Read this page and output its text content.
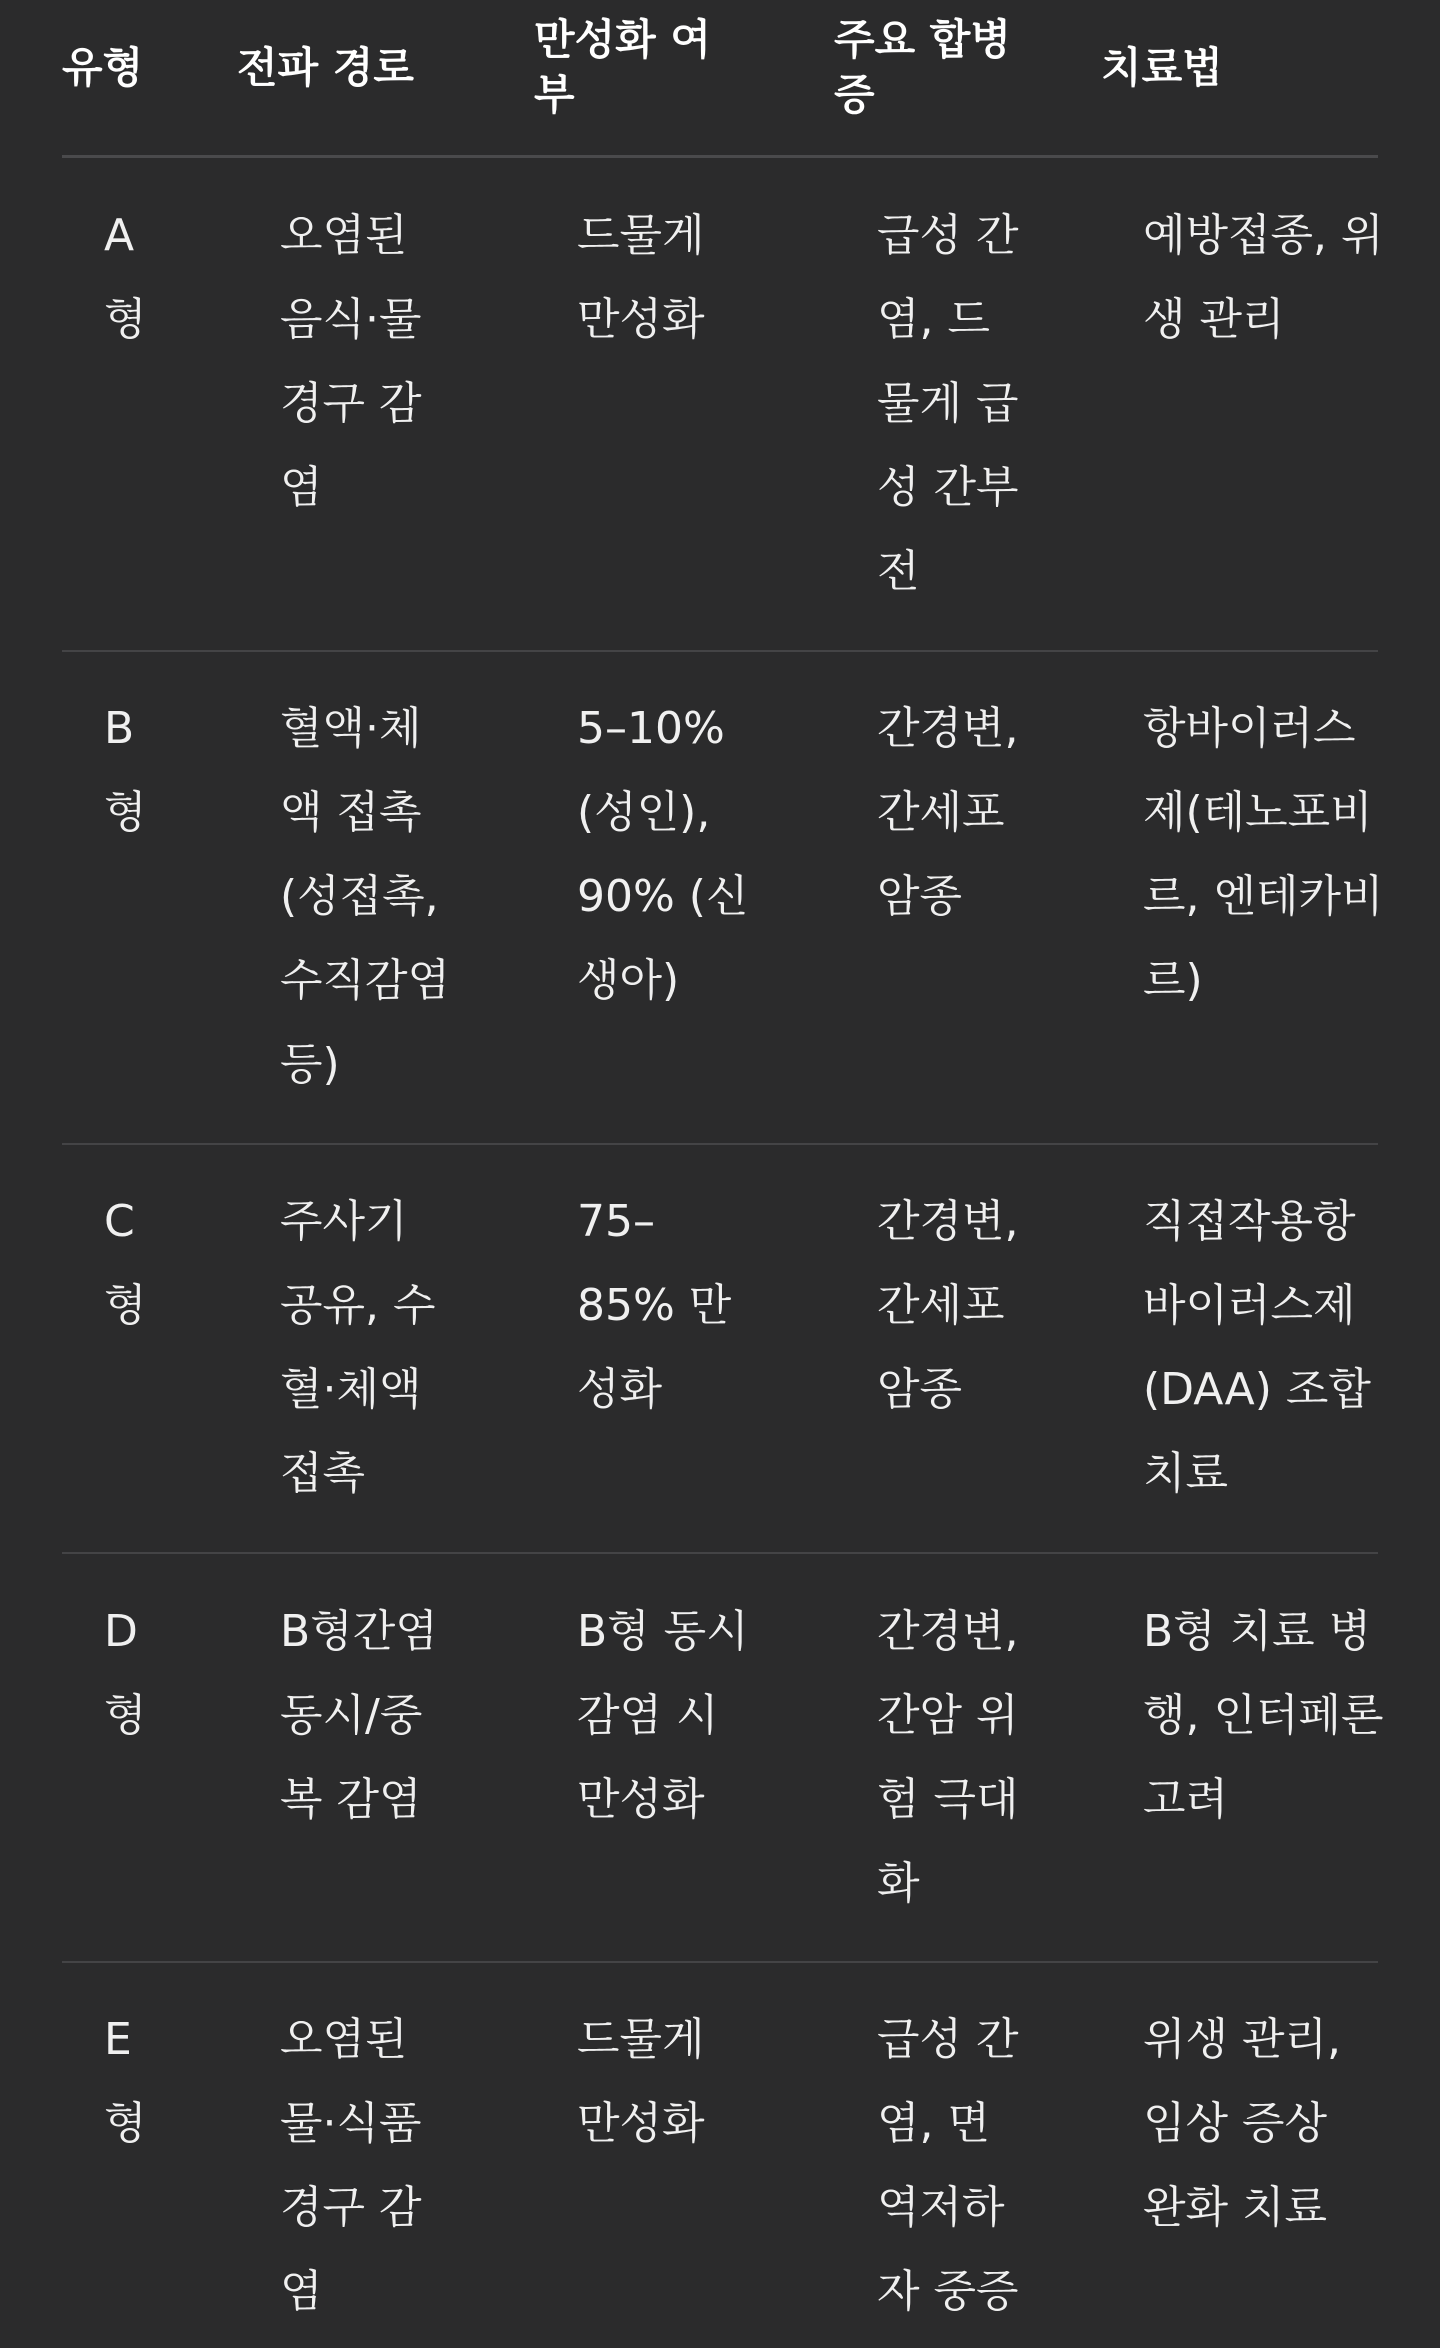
유형	전파 경로
만성화 여
부
주요 합병
증
치료법
A
형
오염된
음식·물
경구 감
염
드물게
만성화
급성 간
염, 드
물게 급
성 간부
전
예방접종, 위
생 관리
B
형
혈액·체
액 접촉
(성접촉,
수직감염
등)
5–10%
(성인),
90% (신
생아)
간경변,
간세포
암종
항바이러스
제(테노포비
르, 엔테카비
르)
C
형
주사기
공유, 수
혈·체액
접촉
75–
85% 만
성화
간경변,
간세포
암종
직접작용항
바이러스제
(DAA) 조합
치료
D
형
B형간염
동시/중
복 감염
B형 동시
감염 시
만성화
간경변,
간암 위
험 극대
화
B형 치료 병
행, 인터페론
고려
E
형
오염된
물·식품
경구 감
염
드물게
만성화
급성 간
염, 면
역저하
자 중증
위생 관리,
임상 증상
완화 치료
